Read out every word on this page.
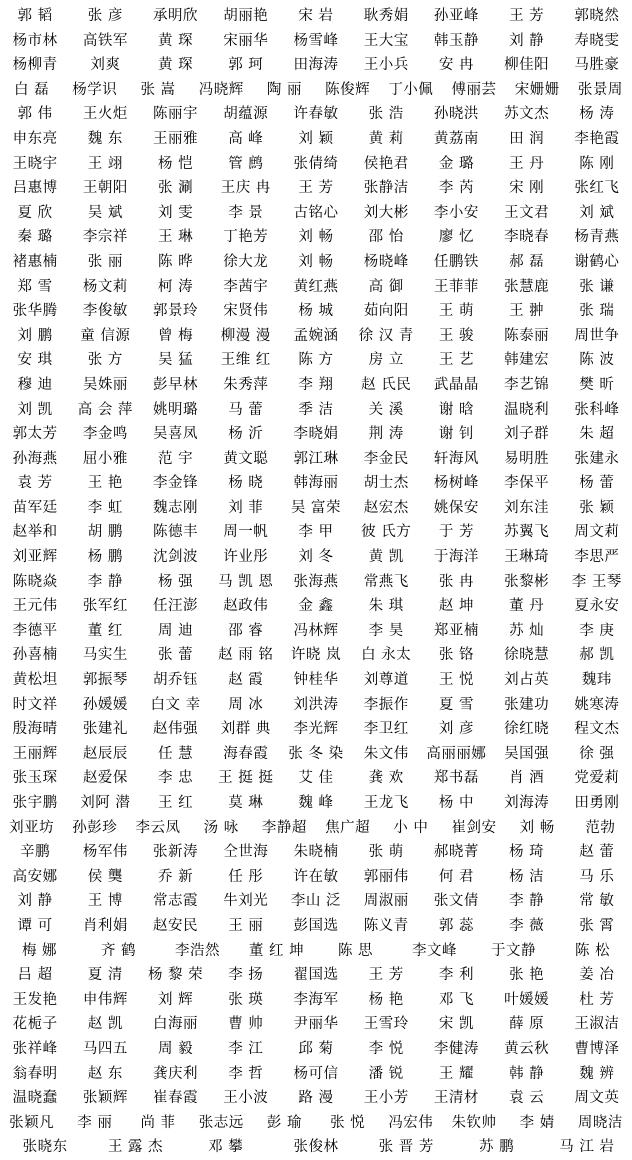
郭 韬	张 彦	承明欣	胡丽艳	宋 岩	耿秀娟	孙亚峰	王 芳	郭晓然
杨市林	高铁军	黄 琛	宋丽华	杨雪峰	王大宝	韩玉静	刘 静	寿晓雯
杨柳青	刘爽	黄 琛	郭 珂	田海涛	王小兵	安 冉	柳佳阳	马胜豪
白 磊	杨学识	张 嵩	冯晓辉	陶 丽	陈俊辉	丁小佩	傅丽芸	宋姗姗	张景周
郭 伟	王火炬	陈丽宇	胡蕴源	许春敏	张 浩	孙晓洪	苏文杰	杨 涛
申东亮	魏 东	王丽雅	高 峰	刘 颖	黄 莉	黄荔南	田 润	李艳霞
王晓宇	王 翊	杨 恺	管 鹧	张倩绮	侯艳君	金 璐	王 丹	陈 刚
吕惠博	王朝阳	张 涮	王庆 冉	王 芳	张静洁	李 芮	宋 刚	张红飞
夏 欣	吴 斌	刘 雯	李 景	古铭心	刘大彬	李小安	王文君	刘 斌
秦 璐	李宗祥	王 琳	丁艳芳	刘 畅	邵 怡	廖 忆	李晓春	杨青燕
褚惠楠	张 丽	陈 晔	徐大龙	刘 畅	杨晓峰	任鹏铁	郝 磊	谢鹤心
郑 雪	杨文莉	柯 涛	李茜宇	黄红燕	高 御	王菲菲	张慧鹿	张 谦
张华腾	李俊敏	郭景玲	宋贤伟	杨 城	茹向阳	王 萌	王 翀	张 瑞
刘 鹏	童 信源	曾 梅	柳漫 漫	孟婉涵	徐 汉 青	王 骏	陈泰丽	周世争
安 琪	张 方	吴 猛	王维 红	陈 方	房 立	王 艺	韩建宏	陈 波
穆 迪	吴姝丽	彭早林	朱秀萍	李 翔	赵 氏民	武晶晶	李艺锦	樊 昕
刘 凯	高 会 萍	姚明璐	马 蕾	季 洁	关 溪	谢 晗	温晓利	张科峰
郭太芳	李金鸣	吴喜凤	杨 沂	李晓娟	荆 涛	谢 钊	刘子群	朱 超
孙海燕	屈小雅	范 宇	黄文聪	郭江琳	李金民	轩海风	易明胜	张建永
袁 芳	王 艳	李金锋	杨 晓	韩海丽	胡士杰	杨树峰	李保平	杨 蕾
苗军廷	李 虹	魏志刚	刘 菲	吴 富荣	赵宏杰	姚保安	刘东洼	张 颖
赵举和	胡 鹏	陈德丰	周一帆	李 甲	彼 氏方	于 芳	苏翼飞	周文莉
刘亚辉	杨 鹏	沈剑波	许业彤	刘 冬	黄 凯	于海洋	王琳琦	李思严
陈晓焱	李 静	杨 强	马 凯 恩	张海燕	常燕飞	张 冉	张黎彬	李 王琴
王元伟	张军红	任汪澎	赵政伟	金 鑫	朱 琪	赵 坤	董 丹	夏永安
李德平	董 红	周 迪	邵 睿	冯林辉	李 昊	郑亚楠	苏 灿	李 庚
孙喜楠	马实生	张 蕾	赵 雨 铭	许晓 岚	白 永太	张 铬	徐晓慧	郝 凯
黄松坦	郭振琴	胡乔钰	赵 霞	钟桂华	刘尊道	王 悦	刘占英	魏玮
时文祥	孙媛媛	白文 幸	周 冰	刘洪涛	李振作	夏 雪	张建功	姚寒涛
殷海晴	张建礼	赵伟强	刘群 典	李光辉	李卫红	刘 彦	徐红晓	程文杰
王丽辉	赵辰辰	任 慧	海春霞	张 冬 染	朱文伟	高丽丽娜	吴国强	徐 强
张玉琛	赵爱保	李 忠	王 挺 挺	艾 佳	龚 欢	郑书磊	肖 酒	党爱莉
张宇鹏	刘阿 潜	王 红	莫 琳	魏 峰	王龙飞	杨 中	刘海涛	田勇刚
刘亚坊	孙彭珍	李云凤	汤 咏	李静超	焦广超	小 中	崔剑安	刘 畅	范勃
辛鹏	杨军伟	张新涛	仝世海	朱晓楠	张 萌	郝晓菁	杨 琦	赵 蕾
高安娜	侯 龑	乔 新	任 彤	许在敏	郭丽伟	何 君	杨 洁	马 乐
刘 静	王 博	常志霞	牛刘光	李山 泛	周淑丽	张文倩	李 静	常 敏
谭 可	肖利娟	赵安民	王 丽	彭国选	陈义青	郭 蕊	李 薇	张 霄
梅 娜	齐 鹤	李浩然	董 红 坤	陈 思	李文峰	于文静	陈 松
吕 超	夏 清	杨 黎 荣	李 扬	翟国选	王 芳	李 利	张 艳	姜 冶
王发艳	申伟辉	刘 辉	张 瑛	李海军	杨 艳	邓 飞	叶媛媛	杜 芳
花栀子	赵 凯	白海丽	曹 帅	尹丽华	王雪玲	宋 凯	薛 原	王淑洁
张祥峰	马四五	周 毅	李 江	邱 菊	李 悦	李健涛	黄云秋	曹博泽
翁春明	赵 东	龚庆利	李 哲	杨可信	潘 锐	王 耀	韩 静	魏 辨
温晓蠢	张颖辉	崔春霞	王小波	路 漫	王小芳	王清材	袁 云	周文英
张颖凡	李 丽	尚 菲	张志远	彭 瑜	张 悦	冯宏伟	朱钦帅	李 婧	周晓洁
张晓东	王 露 杰	邓 攀	张俊林	张 晋 芳	苏 鹏	马 江 岩
